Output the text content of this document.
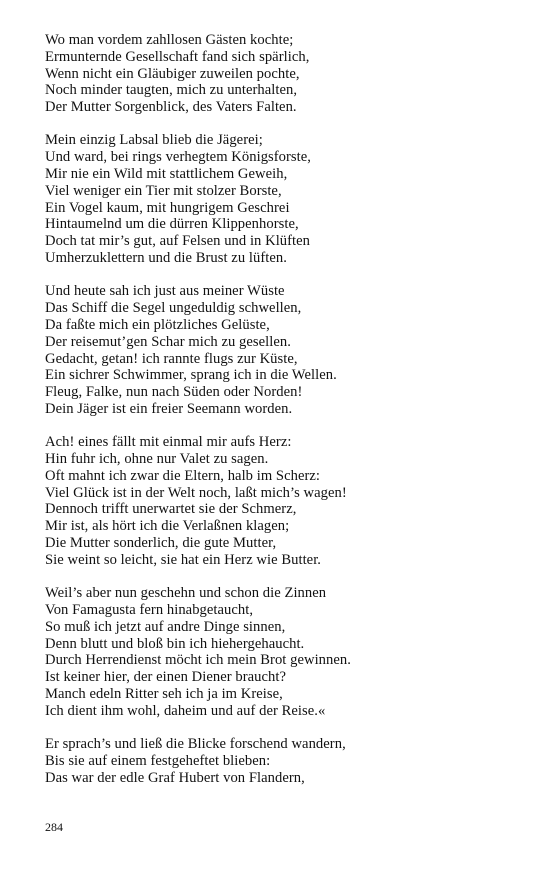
Wo man vordem zahllosen Gästen kochte;
Ermunternde Gesellschaft fand sich spärlich,
Wenn nicht ein Gläubiger zuweilen pochte,
Noch minder taugten, mich zu unterhalten,
Der Mutter Sorgenblick, des Vaters Falten.
Mein einzig Labsal blieb die Jägerei;
Und ward, bei rings verhegtem Königsforste,
Mir nie ein Wild mit stattlichem Geweih,
Viel weniger ein Tier mit stolzer Borste,
Ein Vogel kaum, mit hungrigem Geschrei
Hintaumelnd um die dürren Klippenhorste,
Doch tat mir’s gut, auf Felsen und in Klüften
Umherzuklettern und die Brust zu lüften.
Und heute sah ich just aus meiner Wüste
Das Schiff die Segel ungeduldig schwellen,
Da faßte mich ein plötzliches Gelüste,
Der reisemut’gen Schar mich zu gesellen.
Gedacht, getan! ich rannte flugs zur Küste,
Ein sichrer Schwimmer, sprang ich in die Wellen.
Fleug, Falke, nun nach Süden oder Norden!
Dein Jäger ist ein freier Seemann worden.
Ach! eines fällt mit einmal mir aufs Herz:
Hin fuhr ich, ohne nur Valet zu sagen.
Oft mahnt ich zwar die Eltern, halb im Scherz:
Viel Glück ist in der Welt noch, laßt mich’s wagen!
Dennoch trifft unerwartet sie der Schmerz,
Mir ist, als hört ich die Verlaßnen klagen;
Die Mutter sonderlich, die gute Mutter,
Sie weint so leicht, sie hat ein Herz wie Butter.
Weil’s aber nun geschehn und schon die Zinnen
Von Famagusta fern hinabgetaucht,
So muß ich jetzt auf andre Dinge sinnen,
Denn blutt und bloß bin ich hiehergehaucht.
Durch Herrendienst möcht ich mein Brot gewinnen.
Ist keiner hier, der einen Diener braucht?
Manch edeln Ritter seh ich ja im Kreise,
Ich dient ihm wohl, daheim und auf der Reise.«
Er sprach’s und ließ die Blicke forschend wandern,
Bis sie auf einem festgeheftet blieben:
Das war der edle Graf Hubert von Flandern,
284
